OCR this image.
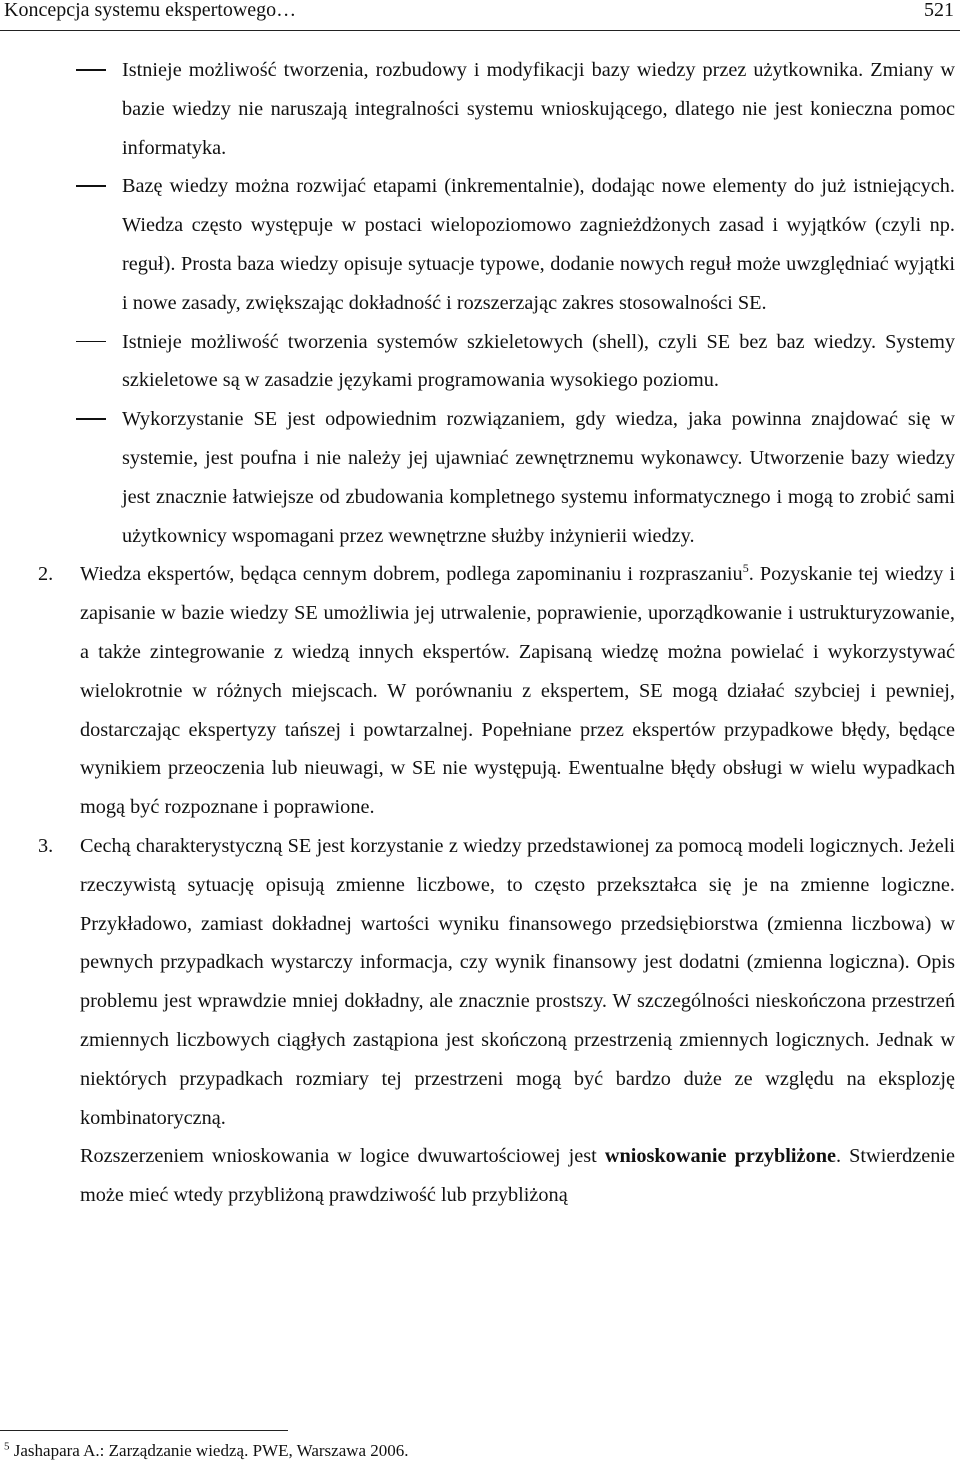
Koncepcja systemu ekspertowego…	521
Istnieje możliwość tworzenia, rozbudowy i modyfikacji bazy wiedzy przez użytkownika. Zmiany w bazie wiedzy nie naruszają integralności systemu wnioskującego, dlatego nie jest konieczna pomoc informatyka.
Bazę wiedzy można rozwijać etapami (inkrementalnie), dodając nowe elementy do już istniejących. Wiedza często występuje w postaci wielopoziomowo zagnieżdżonych zasad i wyjątków (czyli np. reguł). Prosta baza wiedzy opisuje sytuacje typowe, dodanie nowych reguł może uwzględniać wyjątki i nowe zasady, zwiększając dokładność i rozszerzając zakres stosowalności SE.
Istnieje możliwość tworzenia systemów szkieletowych (shell), czyli SE bez baz wiedzy. Systemy szkieletowe są w zasadzie językami programowania wysokiego poziomu.
Wykorzystanie SE jest odpowiednim rozwiązaniem, gdy wiedza, jaka powinna znajdować się w systemie, jest poufna i nie należy jej ujawniać zewnętrznemu wykonawcy. Utworzenie bazy wiedzy jest znacznie łatwiejsze od zbudowania kompletnego systemu informatycznego i mogą to zrobić sami użytkownicy wspomagani przez wewnętrzne służby inżynierii wiedzy.
2. Wiedza ekspertów, będąca cennym dobrem, podlega zapominaniu i rozpraszaniu$^5$. Pozyskanie tej wiedzy i zapisanie w bazie wiedzy SE umożliwia jej utrwalenie, poprawienie, uporządkowanie i ustrukturyzowanie, a także zintegrowanie z wiedzą innych ekspertów. Zapisaną wiedzę można powielać i wykorzystywać wielokrotnie w różnych miejscach. W porównaniu z ekspertem, SE mogą działać szybciej i pewniej, dostarczając ekspertyzy tańszej i powtarzalnej. Popełniane przez ekspertów przypadkowe błędy, będące wynikiem przeoczenia lub nieuwagi, w SE nie występują. Ewentualne błędy obsługi w wielu wypadkach mogą być rozpoznane i poprawione.
3. Cechą charakterystyczną SE jest korzystanie z wiedzy przedstawionej za pomocą modeli logicznych. Jeżeli rzeczywistą sytuację opisują zmienne liczbowe, to często przekształca się je na zmienne logiczne. Przykładowo, zamiast dokładnej wartości wyniku finansowego przedsiębiorstwa (zmienna liczbowa) w pewnych przypadkach wystarczy informacja, czy wynik finansowy jest dodatni (zmienna logiczna). Opis problemu jest wprawdzie mniej dokładny, ale znacznie prostszy. W szczególności nieskończona przestrzeń zmiennych liczbowych ciągłych zastąpiona jest skończoną przestrzenią zmiennych logicznych. Jednak w niektórych przypadkach rozmiary tej przestrzeni mogą być bardzo duże ze względu na eksplozję kombinatoryczną.
Rozszerzeniem wnioskowania w logice dwuwartościowej jest wnioskowanie przybliżone. Stwierdzenie może mieć wtedy przybliżoną prawdziwość lub przybliżoną
$^5$ Jashapara A.: Zarządzanie wiedzą. PWE, Warszawa 2006.
